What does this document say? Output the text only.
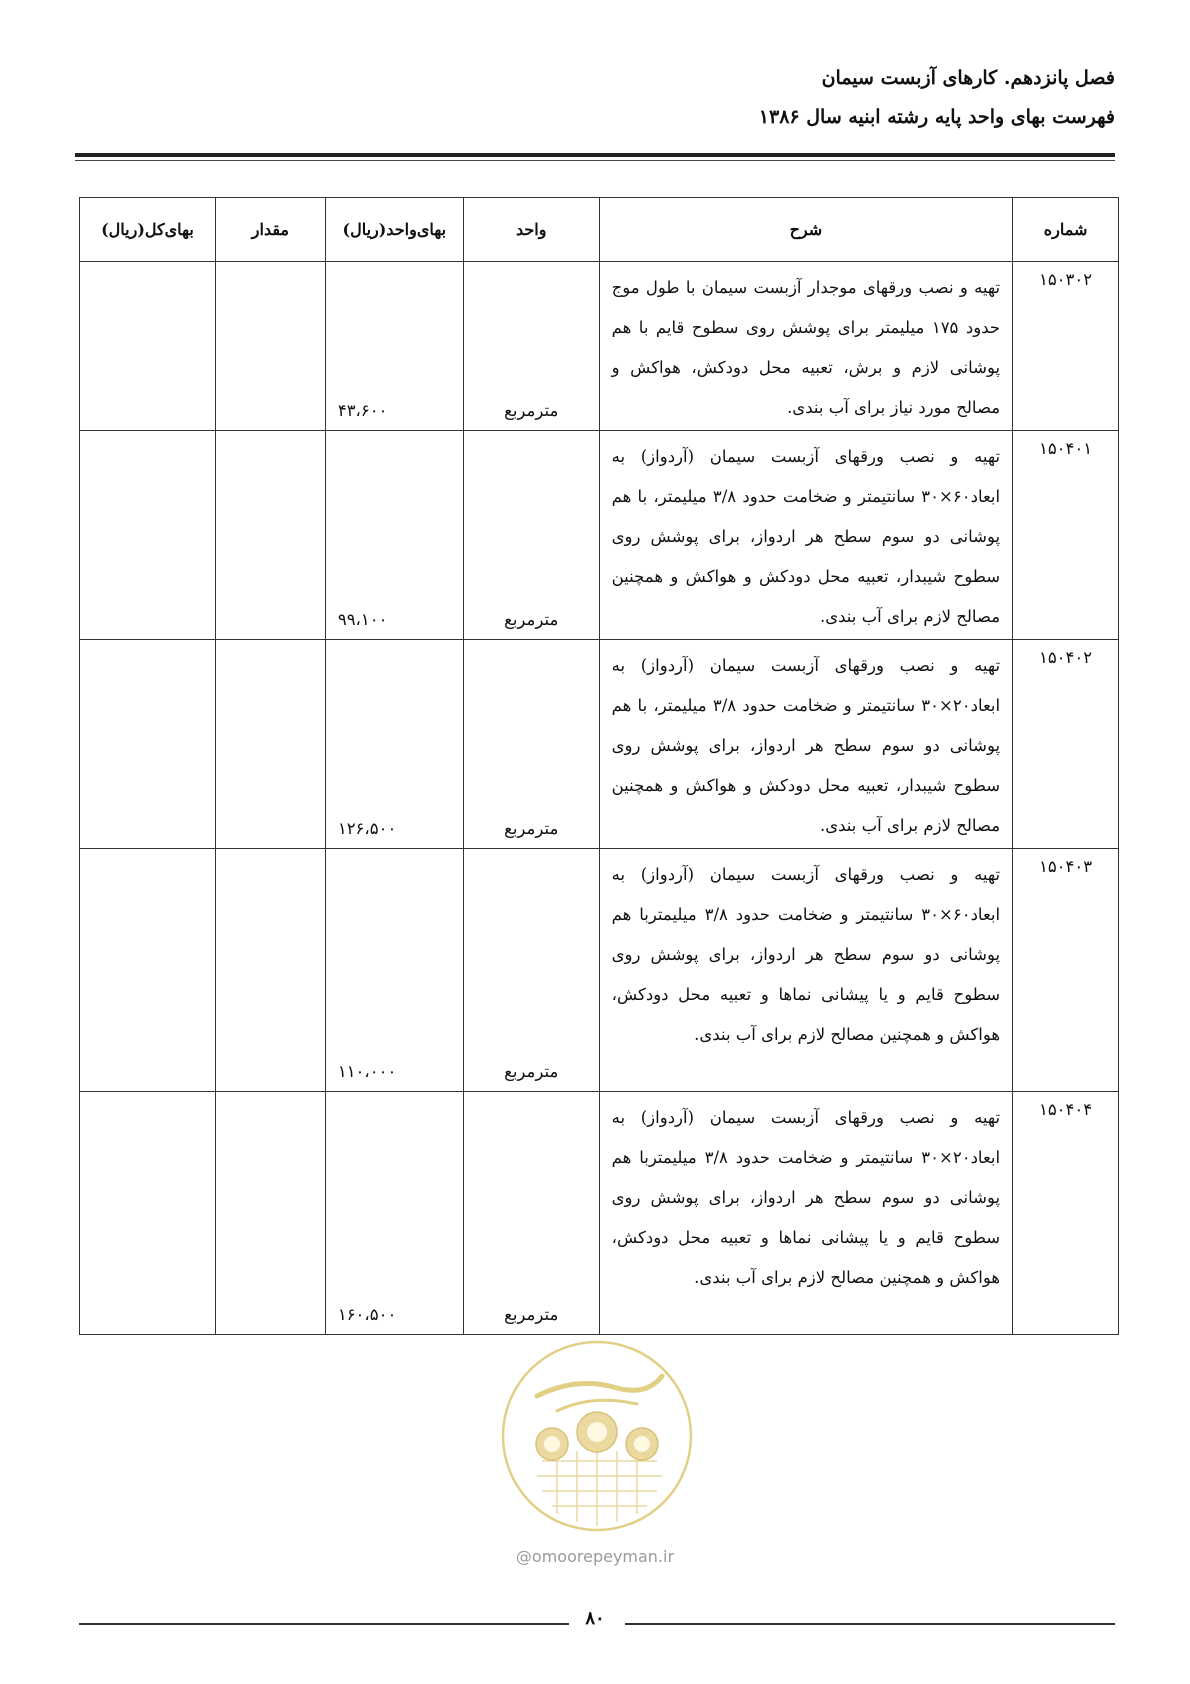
فصل پانزدهم. کارهای آزبست سیمان
فهرست بهای واحد پایه رشته ابنیه سال ۱۳۸۶
شماره	شرح	واحد	بهای‌واحد(ریال)	مقدار	بهای‌کل(ریال)
۱۵۰۳۰۲	تهیه و نصب ورقهای موجدار آزبست سیمان با طول موج حدود ۱۷۵ میلیمتر برای پوشش روی سطوح قایم با هم پوشانی لازم و برش، تعبیه محل دودکش، هواکش و مصالح مورد نیاز برای آب بندی.	مترمربع	۴۳،۶۰۰		
۱۵۰۴۰۱	تهیه و نصب ورقهای آزبست سیمان (آردواز) به ابعاد۶۰×۳۰ سانتیمتر و ضخامت حدود ۳/۸ میلیمتر، با هم پوشانی دو سوم سطح هر اردواز، برای پوشش روی سطوح شیبدار، تعبیه محل دودکش و هواکش و همچنین مصالح لازم برای آب بندی.	مترمربع	۹۹،۱۰۰		
۱۵۰۴۰۲	تهیه و نصب ورقهای آزبست سیمان (آردواز) به ابعاد۲۰×۳۰ سانتیمتر و ضخامت حدود ۳/۸ میلیمتر، با هم پوشانی دو سوم سطح هر اردواز، برای پوشش روی سطوح شیبدار، تعبیه محل دودکش و هواکش و همچنین مصالح لازم برای آب بندی.	مترمربع	۱۲۶،۵۰۰		
۱۵۰۴۰۳	تهیه و نصب ورقهای آزبست سیمان (آردواز) به ابعاد۶۰×۳۰ سانتیمتر و ضخامت حدود ۳/۸ میلیمتربا هم پوشانی دو سوم سطح هر اردواز، برای پوشش روی سطوح قایم و یا پیشانی نماها و تعبیه محل دودکش، هواکش و همچنین مصالح لازم برای آب بندی.	مترمربع	۱۱۰،۰۰۰		
۱۵۰۴۰۴	تهیه و نصب ورقهای آزبست سیمان (آردواز) به ابعاد۲۰×۳۰ سانتیمتر و ضخامت حدود ۳/۸ میلیمتربا هم پوشانی دو سوم سطح هر اردواز، برای پوشش روی سطوح قایم و یا پیشانی نماها و تعبیه محل دودکش، هواکش و همچنین مصالح لازم برای آب بندی.	مترمربع	۱۶۰،۵۰۰		
@omoorepeyman.ir
۸۰
